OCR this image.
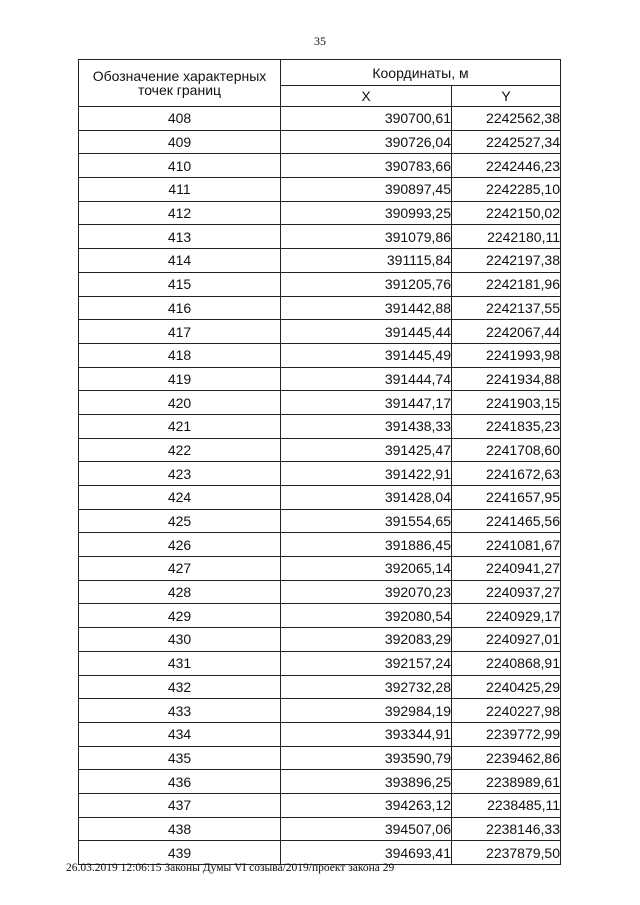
35
Обозначение характерных точек границ	Координаты, м	
	X	Y
408	390700,61	2242562,38
409	390726,04	2242527,34
410	390783,66	2242446,23
411	390897,45	2242285,10
412	390993,25	2242150,02
413	391079,86	2242180,11
414	391115,84	2242197,38
415	391205,76	2242181,96
416	391442,88	2242137,55
417	391445,44	2242067,44
418	391445,49	2241993,98
419	391444,74	2241934,88
420	391447,17	2241903,15
421	391438,33	2241835,23
422	391425,47	2241708,60
423	391422,91	2241672,63
424	391428,04	2241657,95
425	391554,65	2241465,56
426	391886,45	2241081,67
427	392065,14	2240941,27
428	392070,23	2240937,27
429	392080,54	2240929,17
430	392083,29	2240927,01
431	392157,24	2240868,91
432	392732,28	2240425,29
433	392984,19	2240227,98
434	393344,91	2239772,99
435	393590,79	2239462,86
436	393896,25	2238989,61
437	394263,12	2238485,11
438	394507,06	2238146,33
439	394693,41	2237879,50
26.03.2019 12:06:15 Законы Думы VI созыва/2019/проект закона 29
